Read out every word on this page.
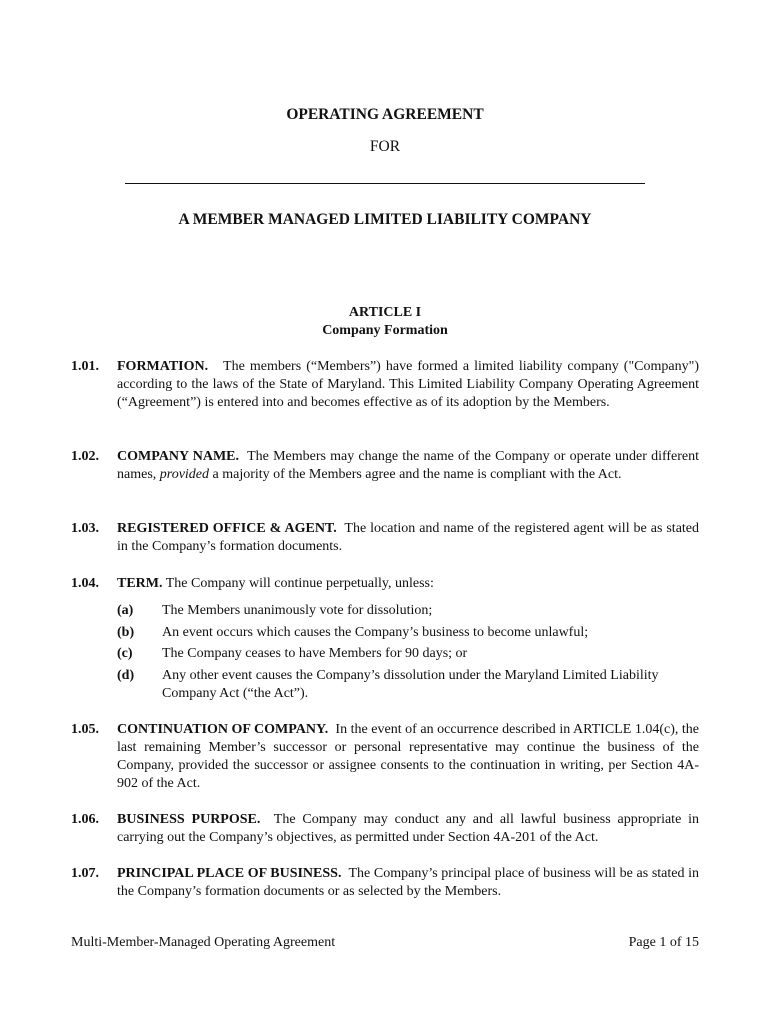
OPERATING AGREEMENT
FOR
A MEMBER MANAGED LIMITED LIABILITY COMPANY
ARTICLE I
Company Formation
1.01. FORMATION. The members (“Members”) have formed a limited liability company ("Company") according to the laws of the State of Maryland. This Limited Liability Company Operating Agreement (“Agreement”) is entered into and becomes effective as of its adoption by the Members.
1.02. COMPANY NAME. The Members may change the name of the Company or operate under different names, provided a majority of the Members agree and the name is compliant with the Act.
1.03. REGISTERED OFFICE & AGENT. The location and name of the registered agent will be as stated in the Company’s formation documents.
1.04. TERM. The Company will continue perpetually, unless:
(a) The Members unanimously vote for dissolution;
(b) An event occurs which causes the Company’s business to become unlawful;
(c) The Company ceases to have Members for 90 days; or
(d) Any other event causes the Company’s dissolution under the Maryland Limited Liability Company Act (“the Act”).
1.05. CONTINUATION OF COMPANY. In the event of an occurrence described in ARTICLE 1.04(c), the last remaining Member’s successor or personal representative may continue the business of the Company, provided the successor or assignee consents to the continuation in writing, per Section 4A-902 of the Act.
1.06. BUSINESS PURPOSE. The Company may conduct any and all lawful business appropriate in carrying out the Company’s objectives, as permitted under Section 4A-201 of the Act.
1.07. PRINCIPAL PLACE OF BUSINESS. The Company’s principal place of business will be as stated in the Company’s formation documents or as selected by the Members.
Multi-Member-Managed Operating Agreement	Page 1 of 15
